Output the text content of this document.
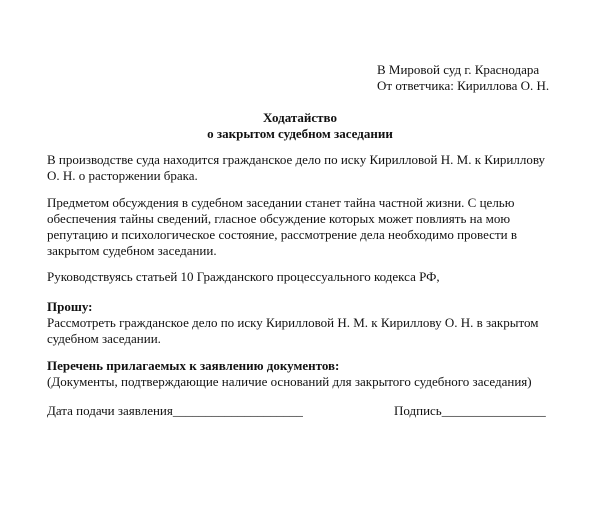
В Мировой суд г. Краснодара
От ответчика: Кириллова О. Н.
Ходатайство
о закрытом судебном заседании
В производстве суда находится гражданское дело по иску Кирилловой Н. М. к Кириллову
О. Н. о расторжении брака.
Предметом обсуждения в судебном заседании станет тайна частной жизни. С целью
обеспечения тайны сведений, гласное обсуждение которых может повлиять на мою
репутацию и психологическое состояние, рассмотрение дела необходимо провести в
закрытом судебном заседании.
Руководствуясь статьей 10 Гражданского процессуального кодекса РФ,
Прошу:
Рассмотреть гражданское дело по иску Кирилловой Н. М. к Кириллову О. Н. в закрытом
судебном заседании.
Перечень прилагаемых к заявлению документов:
(Документы, подтверждающие наличие оснований для закрытого судебного заседания)
Дата подачи заявления____________________	Подпись________________
